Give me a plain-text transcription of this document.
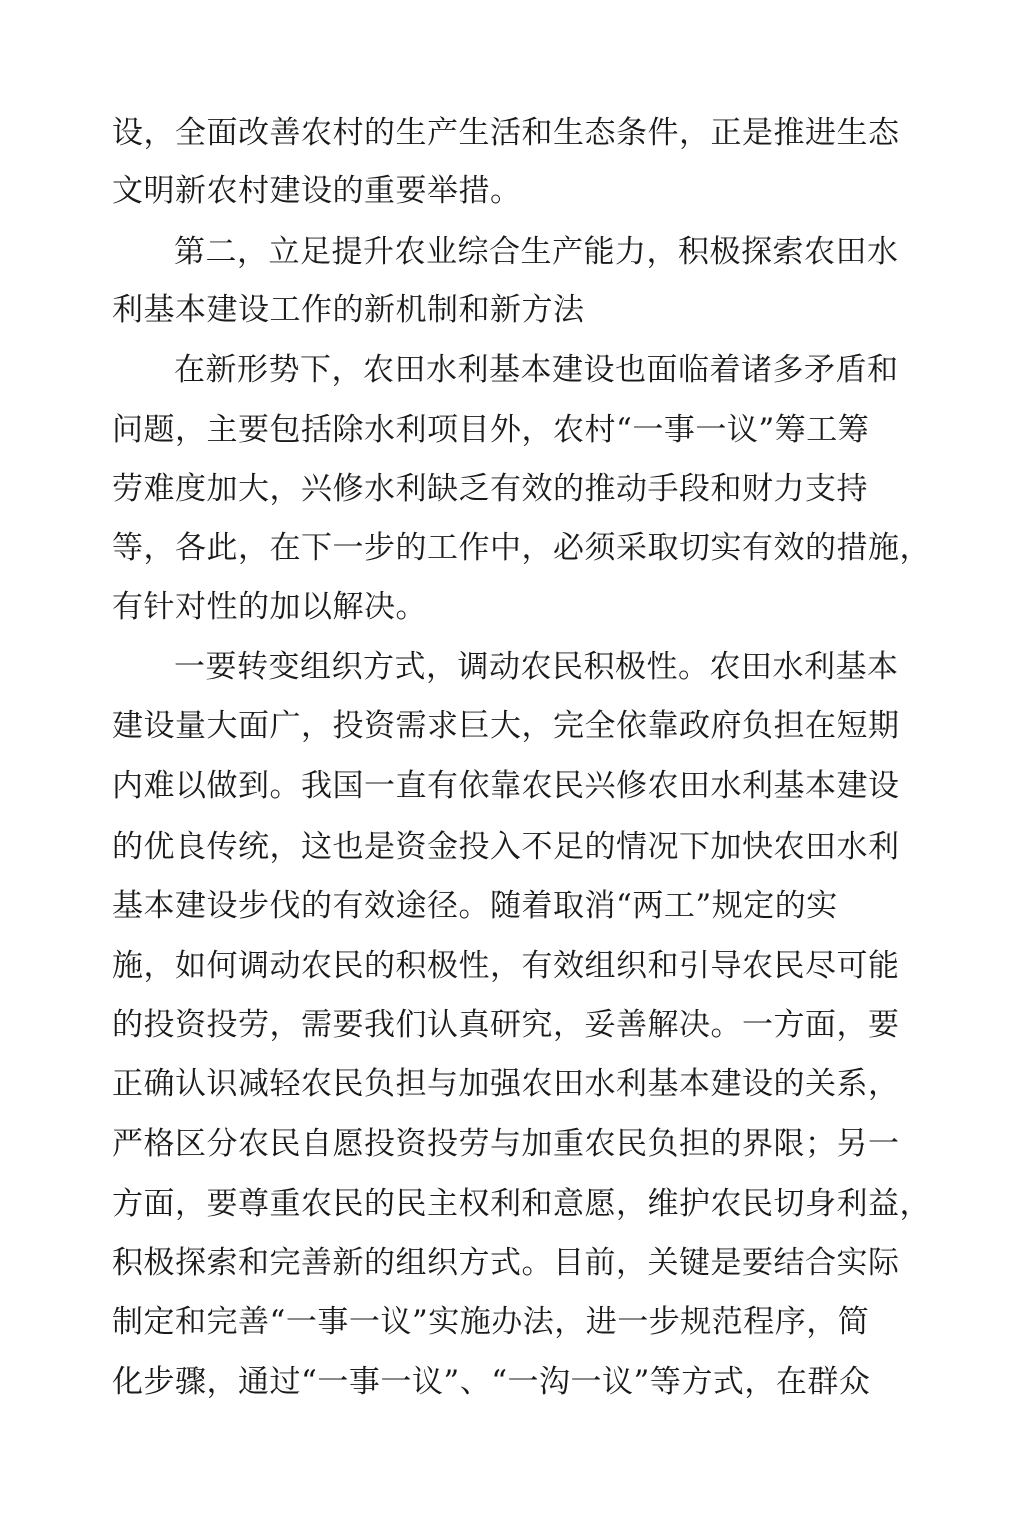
设，全面改善农村的生产生活和生态条件，正是推进生态
文明新农村建设的重要举措。
第二，立足提升农业综合生产能力，积极探索农田水
利基本建设工作的新机制和新方法
在新形势下，农田水利基本建设也面临着诸多矛盾和
问题，主要包括除水利项目外，农村“一事一议”筹工筹
劳难度加大，兴修水利缺乏有效的推动手段和财力支持
等，各此，在下一步的工作中，必须采取切实有效的措施，
有针对性的加以解决。
一要转变组织方式，调动农民积极性。农田水利基本
建设量大面广，投资需求巨大，完全依靠政府负担在短期
内难以做到。我国一直有依靠农民兴修农田水利基本建设
的优良传统，这也是资金投入不足的情况下加快农田水利
基本建设步伐的有效途径。随着取消“两工”规定的实
施，如何调动农民的积极性，有效组织和引导农民尽可能
的投资投劳，需要我们认真研究，妥善解决。一方面，要
正确认识减轻农民负担与加强农田水利基本建设的关系，
严格区分农民自愿投资投劳与加重农民负担的界限；另一
方面，要尊重农民的民主权利和意愿，维护农民切身利益，
积极探索和完善新的组织方式。目前，关键是要结合实际
制定和完善“一事一议”实施办法，进一步规范程序，简
化步骤，通过“一事一议”、“一沟一议”等方式，在群众
